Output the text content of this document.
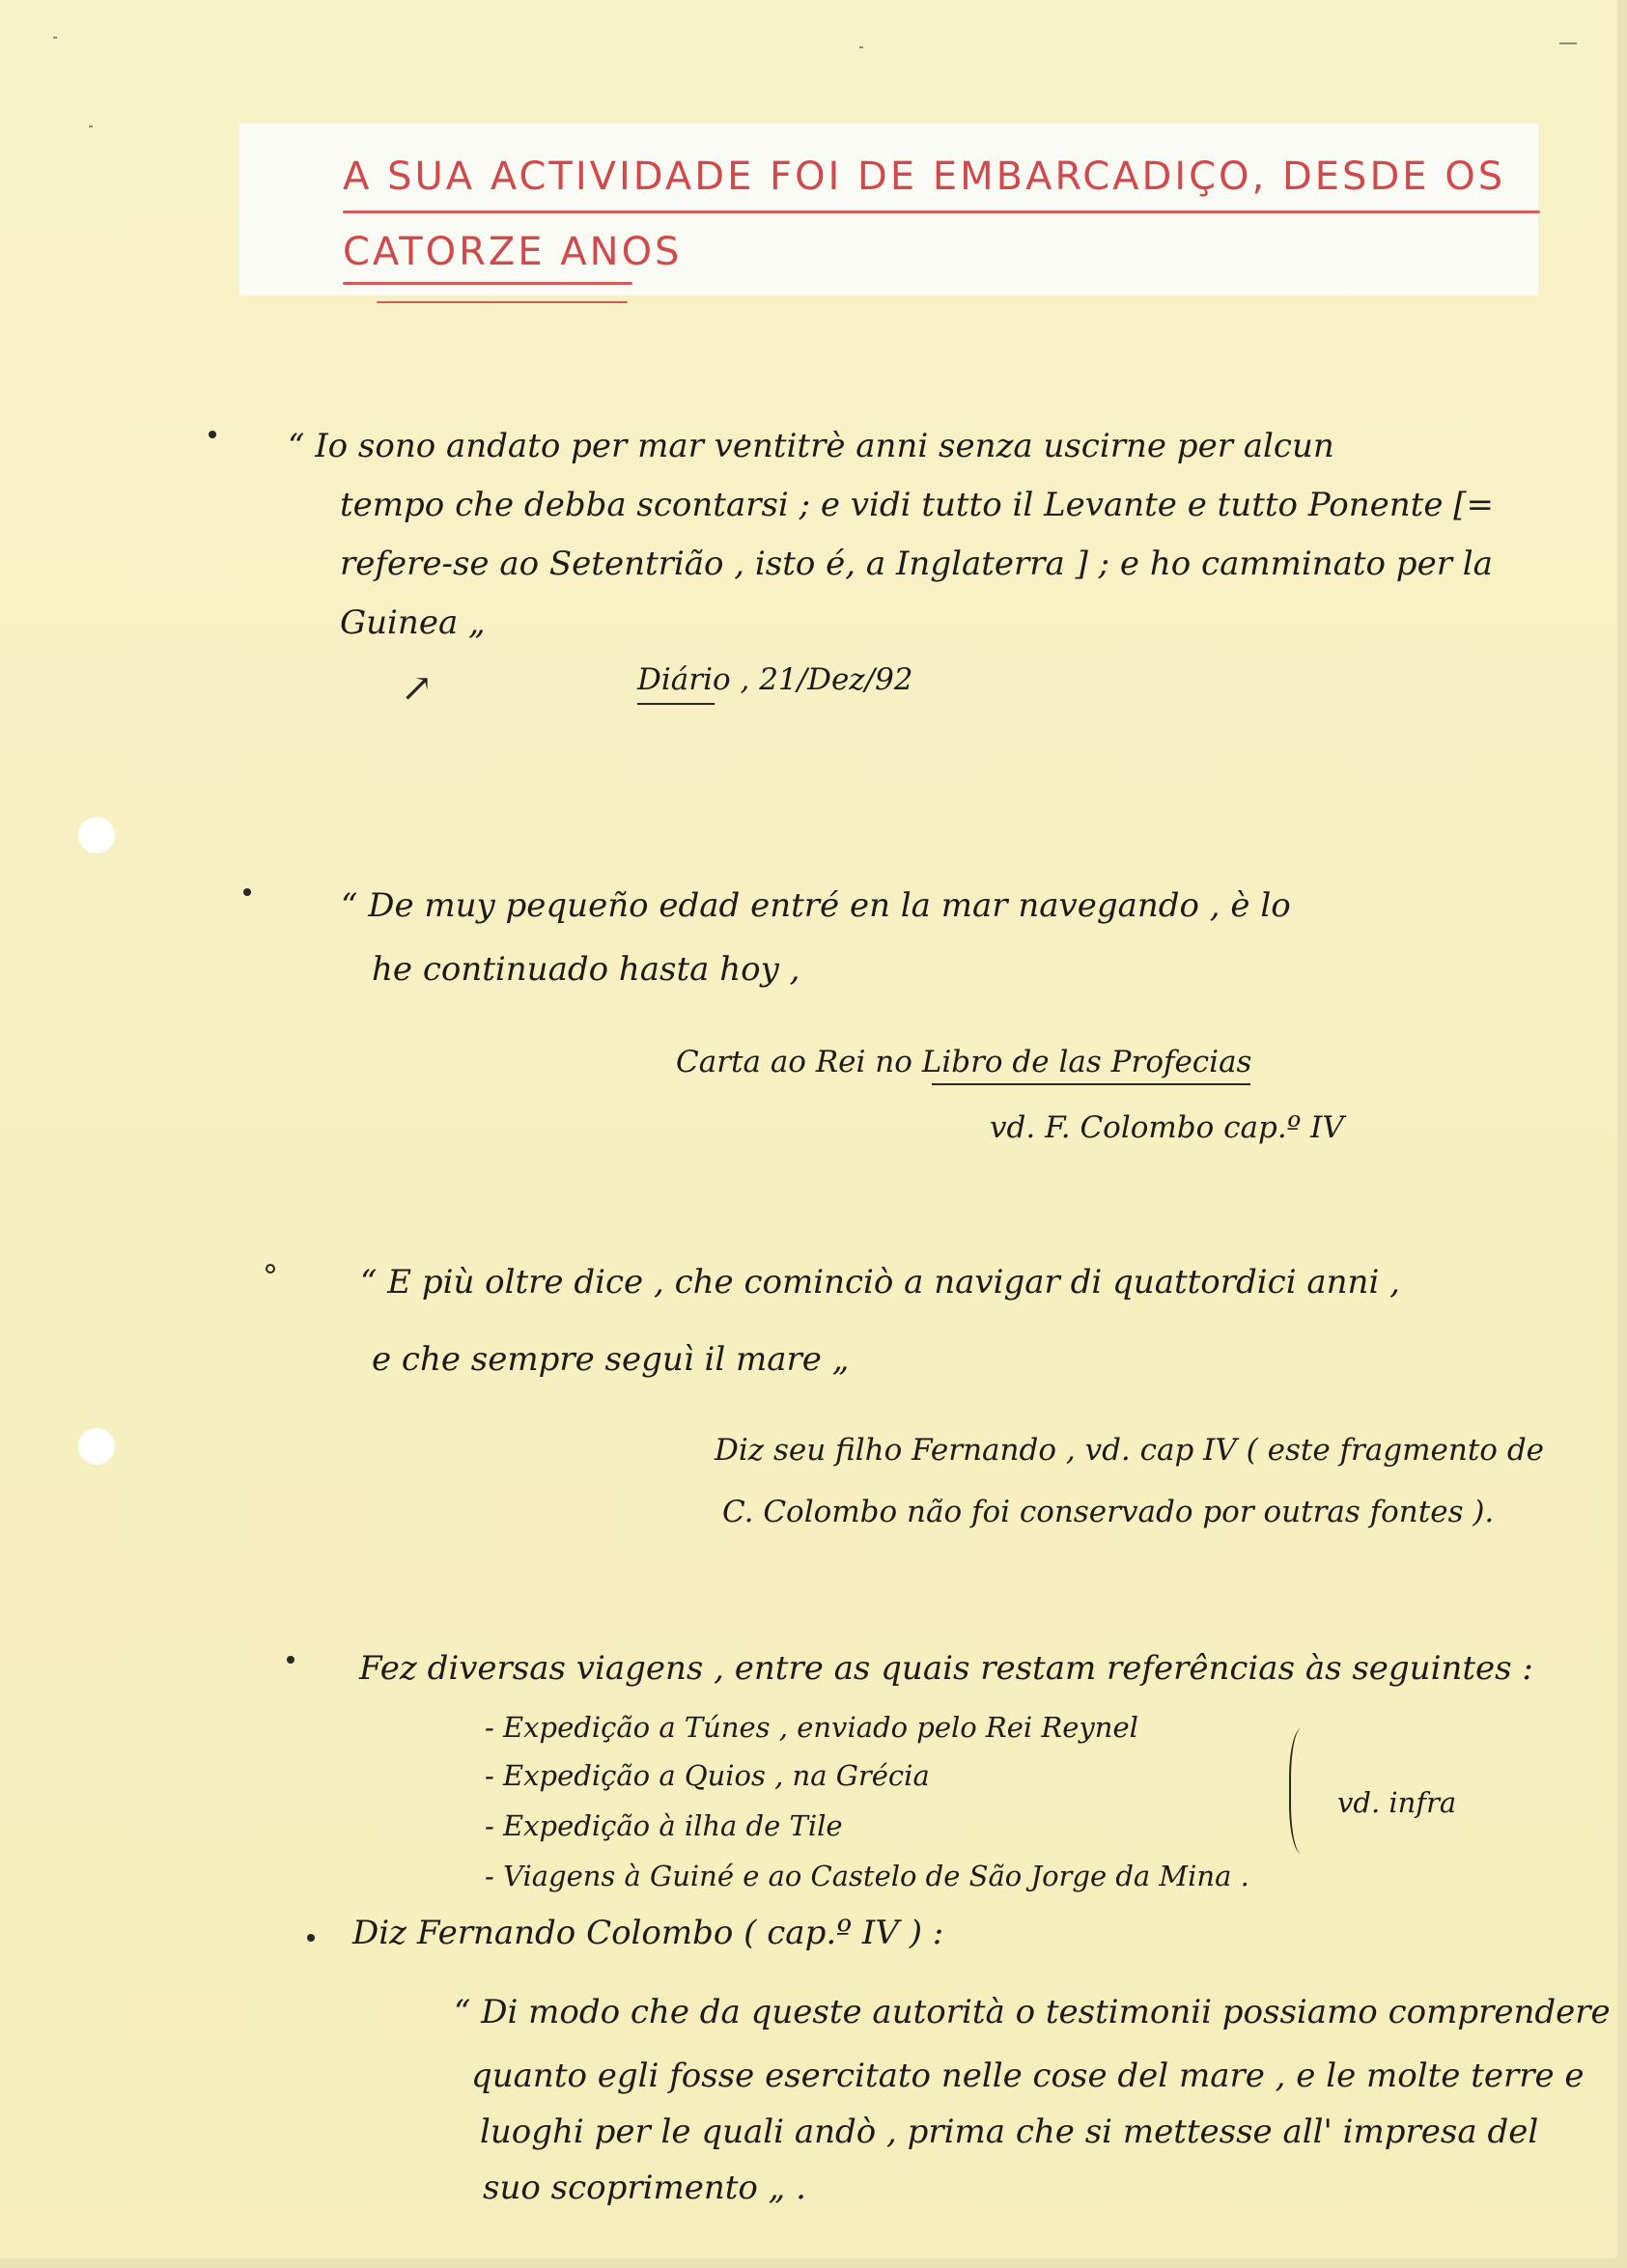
A SUA ACTIVIDADE FOI DE EMBARCADIÇO, DESDE OS
CATORZE ANOS
“ Io sono andato per mar ventitrè anni senza uscirne per alcun
tempo che debba scontarsi ; e vidi tutto il Levante e tutto Ponente [=
refere-se ao Setentrião , isto é, a Inglaterra ] ; e ho camminato per la
Guinea „
↗	Diário , 21/Dez/92
“ De muy pequeño edad entré en la mar navegando , è lo
he continuado hasta hoy ,
Carta ao Rei no Libro de las Profecias
vd. F. Colombo cap.º IV
“ E più oltre dice , che cominciò a navigar di quattordici anni ,
e che sempre seguì il mare „
Diz seu filho Fernando , vd. cap IV ( este fragmento de
C. Colombo não foi conservado por outras fontes ).
Fez diversas viagens , entre as quais restam referências às seguintes :
- Expedição a Túnes , enviado pelo Rei Reynel
- Expedição a Quios , na Grécia
- Expedição à ilha de Tile
- Viagens à Guiné e ao Castelo de São Jorge da Mina .
vd. infra
Diz Fernando Colombo ( cap.º IV ) :
“ Di modo che da queste autorità o testimonii possiamo comprendere
quanto egli fosse esercitato nelle cose del mare , e le molte terre e
luoghi per le quali andò , prima che si mettesse all' impresa del
suo scoprimento „ .
